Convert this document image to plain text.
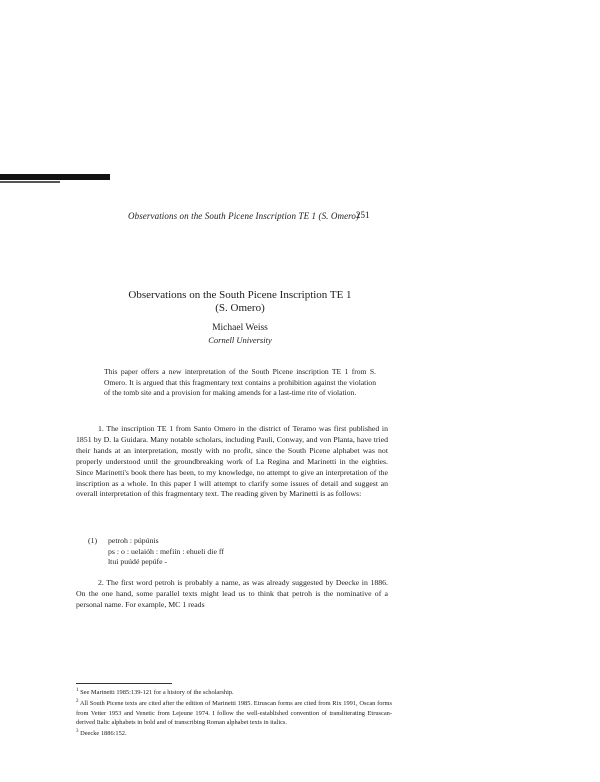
Observations on the South Picene Inscription TE 1 (S. Omero)
251
Observations on the South Picene Inscription TE 1
(S. Omero)
Michael Weiss
Cornell University

This paper offers a new interpretation of the South Picene inscription TE 1 from S. Omero. It is argued that this fragmentary text contains a prohibition against the violation of the tomb site and a provision for making amends for a last-time rite of violation.

1. The inscription TE 1 from Santo Omero in the district of Teramo was first published in 1851 by D. la Guidara. Many notable scholars, including Pauli, Conway, and von Planta, have tried their hands at an interpretation, mostly with no profit, since the South Picene alphabet was not properly understood until the groundbreaking work of La Regina and Marinetti in the eighties. Since Marinetti's book there has been, to my knowledge, no attempt to give an interpretation of the inscription as a whole. In this paper I will attempt to clarify some issues of detail and suggest an overall interpretation of this fragmentary text. The reading given by Marinetti is as follows:

(1) petroh : púpúnis
ps : o : uelaióh : mefiín : ehueli die ff
ltui puúdé pepúfe -

2. The first word petroh is probably a name, as was already suggested by Deecke in 1886. On the one hand, some parallel texts might lead us to think that petroh is the nominative of a personal name. For example, MC 1 reads

$^1$ See Marinetti 1985:139-121 for a history of the scholarship.

$^2$ All South Picene texts are cited after the edition of Marinetti 1985. Etruscan forms are cited from Rix 1991, Oscan forms from Vetter 1953 and Venetic from Lejeune 1974. I follow the well-established convention of transliterating Etruscan-derived Italic alphabets in bold and of transcribing Roman alphabet texts in italics.

$^3$ Deecke 1886:152.
